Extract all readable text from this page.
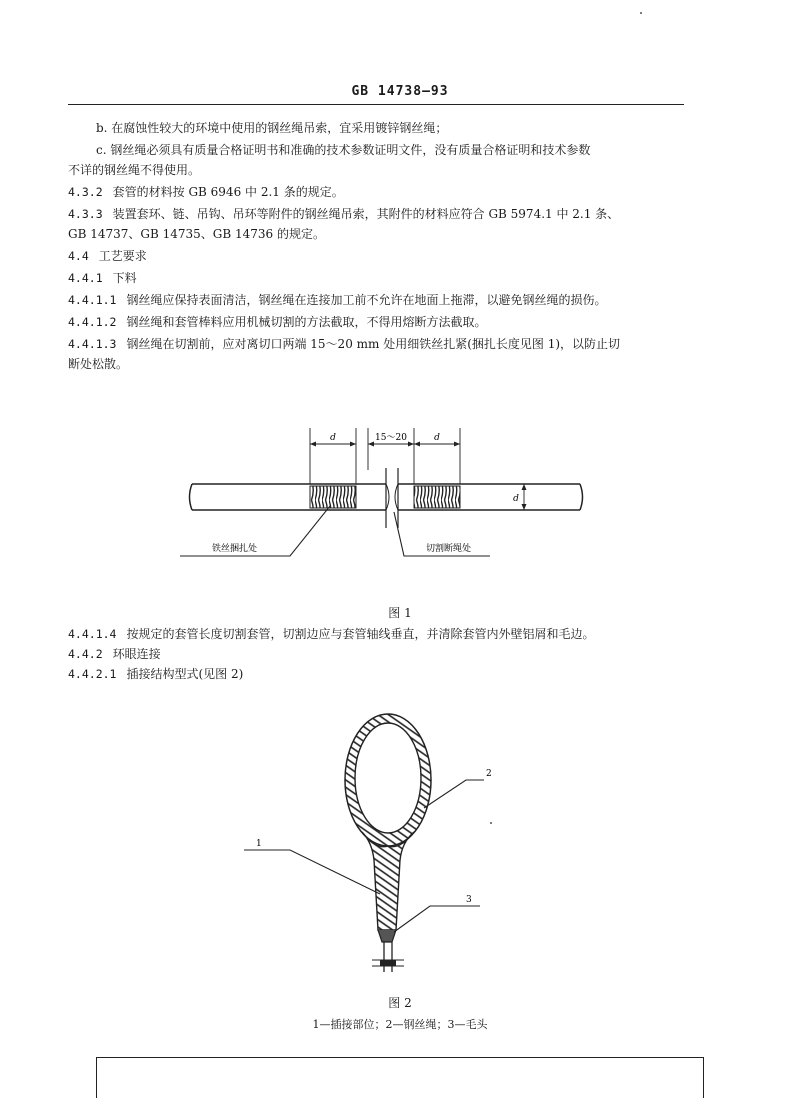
GB 14738—93
b. 在腐蚀性较大的环境中使用的钢丝绳吊索，宜采用镀锌钢丝绳；
c. 钢丝绳必须具有质量合格证明书和准确的技术参数证明文件，没有质量合格证明和技术参数
不详的钢丝绳不得使用。
4.3.2 套管的材料按 GB 6946 中 2.1 条的规定。
4.3.3 装置套环、链、吊钩、吊环等附件的钢丝绳吊索，其附件的材料应符合 GB 5974.1 中 2.1 条、
GB 14737、GB 14735、GB 14736 的规定。
4.4 工艺要求
4.4.1 下料
4.4.1.1 钢丝绳应保持表面清洁，钢丝绳在连接加工前不允许在地面上拖滞，以避免钢丝绳的损伤。
4.4.1.2 钢丝绳和套管棒料应用机械切割的方法截取，不得用熔断方法截取。
4.4.1.3 钢丝绳在切割前，应对离切口两端 15～20 mm 处用细铁丝扎紧(捆扎长度见图 1)，以防止切
断处松散。
d	15～20	d
d
铁丝捆扎处	切割断绳处
图 1
4.4.1.4 按规定的套管长度切割套管，切割边应与套管轴线垂直，并清除套管内外壁铝屑和毛边。
4.4.2 环眼连接
4.4.2.1 插接结构型式(见图 2)
1
2
3
图 2
1—插接部位；2—钢丝绳；3—毛头
